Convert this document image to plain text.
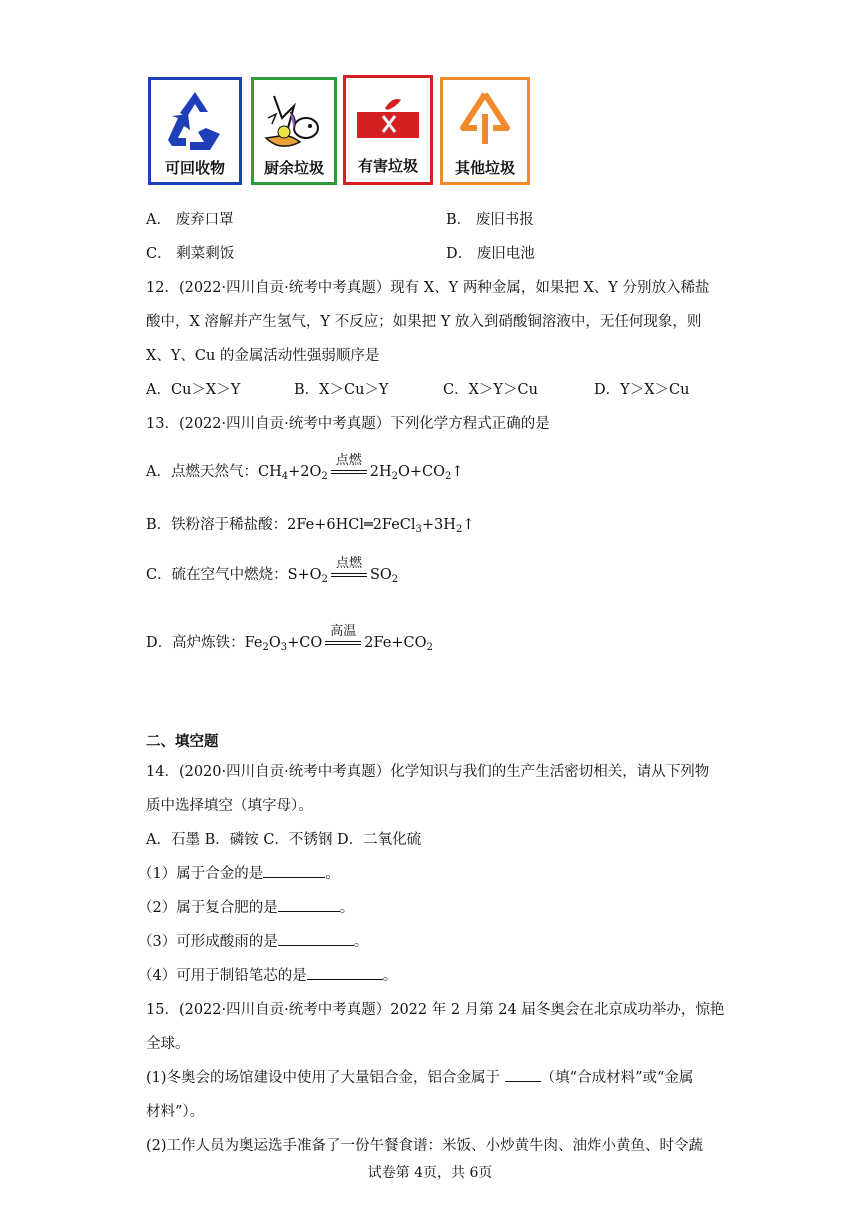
可回收物	厨余垃圾	有害垃圾	其他垃圾
A． 废弃口罩	B． 废旧书报
C． 剩菜剩饭	D． 废旧电池
12．(2022·四川自贡·统考中考真题）现有 X、Y 两种金属，如果把 X、Y 分别放入稀盐
酸中，X 溶解并产生氢气，Y 不反应；如果把 Y 放入到硝酸铜溶液中，无任何现象，则
X、Y、Cu 的金属活动性强弱顺序是
A．Cu＞X＞Y	B．X＞Cu＞Y	C．X＞Y＞Cu	D．Y＞X＞Cu
13．(2022·四川自贡·统考中考真题）下列化学方程式正确的是
A．点燃天然气：$CH_4+2O_2$
点燃
$2H_2O+CO_2↑$
B．铁粉溶于稀盐酸：$2Fe+6HCl═2FeCl_3+3H_2↑$
C．硫在空气中燃烧：$S+O_2$
点燃
$SO_2$
D．高炉炼铁：$Fe_2O_3+CO$
高温
$2Fe+CO_2$
二、填空题
14．(2020·四川自贡·统考中考真题）化学知识与我们的生产生活密切相关，请从下列物
质中选择填空（填字母）。
A．石墨 B．磷铵 C．不锈钢 D．二氧化硫
（1）属于合金的是	。
（2）属于复合肥的是	。
（3）可形成酸雨的是	。
（4）可用于制铅笔芯的是	。
15．(2022·四川自贡·统考中考真题）2022 年 2 月第 24 届冬奥会在北京成功举办，惊艳
全球。
(1)冬奥会的场馆建设中使用了大量铝合金，铝合金属于 （填“合成材料”或“金属
材料”）。
(2)工作人员为奥运选手准备了一份午餐食谱：米饭、小炒黄牛肉、油炸小黄鱼、时令蔬
试卷第 4页，共 6页
